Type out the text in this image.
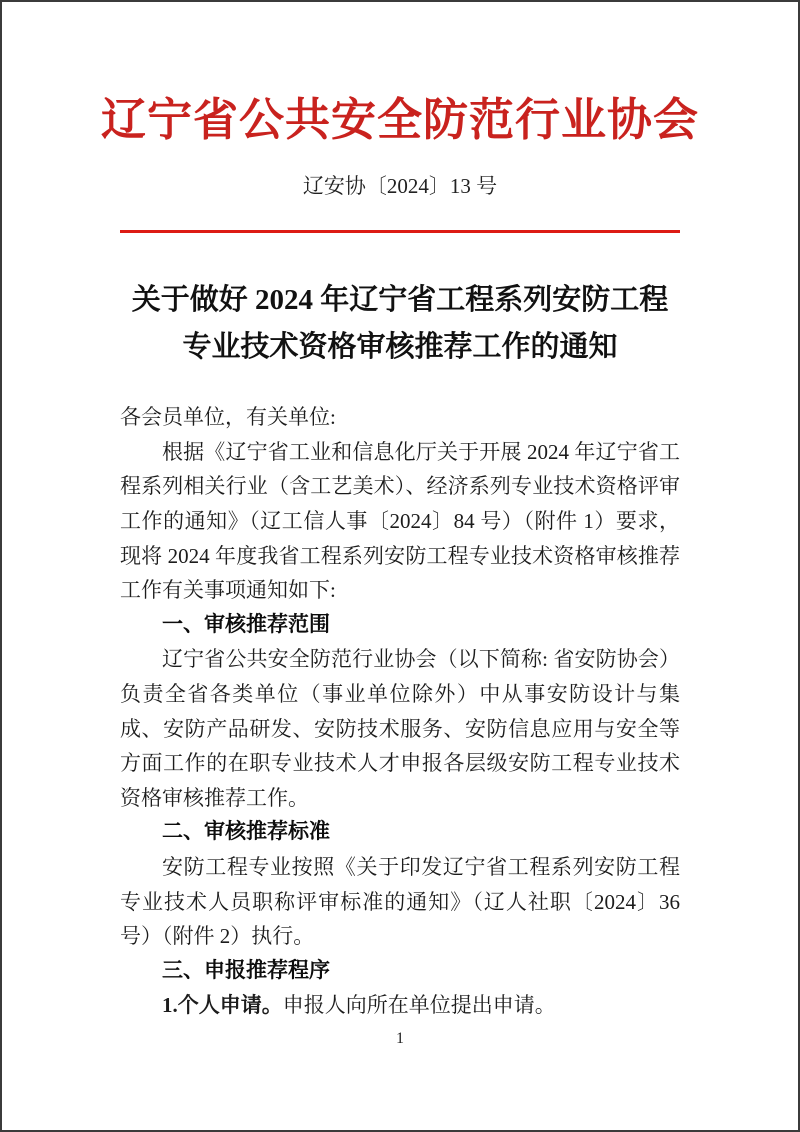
辽宁省公共安全防范行业协会
辽安协〔2024〕13 号
关于做好 2024 年辽宁省工程系列安防工程
专业技术资格审核推荐工作的通知

各会员单位，有关单位:

根据《辽宁省工业和信息化厅关于开展 2024 年辽宁省工程系列相关行业（含工艺美术）、经济系列专业技术资格评审工作的通知》（辽工信人事〔2024〕84 号）（附件 1）要求，现将 2024 年度我省工程系列安防工程专业技术资格审核推荐工作有关事项通知如下:

一、审核推荐范围

辽宁省公共安全防范行业协会（以下简称: 省安防协会）负责全省各类单位（事业单位除外）中从事安防设计与集成、安防产品研发、安防技术服务、安防信息应用与安全等方面工作的在职专业技术人才申报各层级安防工程专业技术资格审核推荐工作。

二、审核推荐标准

安防工程专业按照《关于印发辽宁省工程系列安防工程专业技术人员职称评审标准的通知》（辽人社职〔2024〕36 号）（附件 2）执行。

三、申报推荐程序

1.个人申请。申报人向所在单位提出申请。

1
